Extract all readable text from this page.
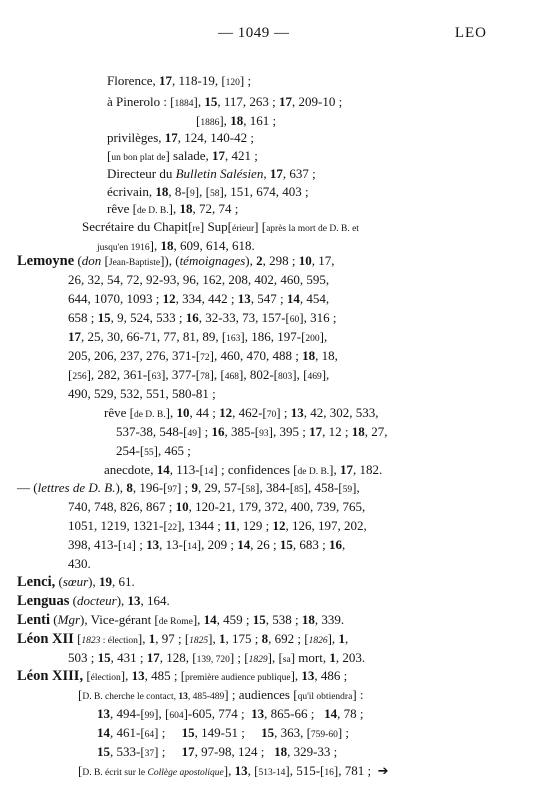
— 1049 —	LEO
Florence, 17, 118-19, [120] ;
à Pinerolo : [1884], 15, 117, 263 ; 17, 209-10 ;
[1886], 18, 161 ;
privilèges, 17, 124, 140-42 ;
[un bon plat de] salade, 17, 421 ;
Directeur du Bulletin Salésien, 17, 637 ;
écrivain, 18, 8-[9], [58], 151, 674, 403 ;
rêve [de D. B.], 18, 72, 74 ;
Secrétaire du Chapit[re] Sup[érieur] [après la mort de D. B. et
jusqu'en 1916], 18, 609, 614, 618.
Lemoyne (don [Jean-Baptiste]), (témoignages), 2, 298 ; 10, 17,
26, 32, 54, 72, 92-93, 96, 162, 208, 402, 460, 595,
644, 1070, 1093 ; 12, 334, 442 ; 13, 547 ; 14, 454,
658 ; 15, 9, 524, 533 ; 16, 32-33, 73, 157-[60], 316 ;
17, 25, 30, 66-71, 77, 81, 89, [163], 186, 197-[200],
205, 206, 237, 276, 371-[72], 460, 470, 488 ; 18, 18,
[256], 282, 361-[63], 377-[78], [468], 802-[803], [469],
490, 529, 532, 551, 580-81 ;
rêve [de D. B.], 10, 44 ; 12, 462-[70] ; 13, 42, 302, 533,
537-38, 548-[49] ; 16, 385-[93], 395 ; 17, 12 ; 18, 27,
254-[55], 465 ;
anecdote, 14, 113-[14] ; confidences [de D. B.], 17, 182.
— (lettres de D. B.), 8, 196-[97] ; 9, 29, 57-[58], 384-[85], 458-[59],
740, 748, 826, 867 ; 10, 120-21, 179, 372, 400, 739, 765,
1051, 1219, 1321-[22], 1344 ; 11, 129 ; 12, 126, 197, 202,
398, 413-[14] ; 13, 13-[14], 209 ; 14, 26 ; 15, 683 ; 16,
430.
Lenci, (sœur), 19, 61.
Lenguas (docteur), 13, 164.
Lenti (Mgr), Vice-gérant [de Rome], 14, 459 ; 15, 538 ; 18, 339.
Léon XII [1823 : élection], 1, 97 ; [1825], 1, 175 ; 8, 692 ; [1826], 1,
503 ; 15, 431 ; 17, 128, [139, 720] ; [1829], [sa] mort, 1, 203.
Léon XIII, [élection], 13, 485 ; [première audience publique], 13, 486 ;
[D. B. cherche le contact, 13, 485-489] ; audiences [qu'il obtiendra] :
13, 494-[99], [604]-605, 774 ;  13, 865-66 ;   14, 78 ;
14, 461-[64] ;     15, 149-51 ;     15, 363, [759-60] ;
15, 533-[37] ;     17, 97-98, 124 ;   18, 329-33 ;
[D. B. écrit sur le Collège apostolique], 13, [513-14], 515-[16], 781 ;  ➔
